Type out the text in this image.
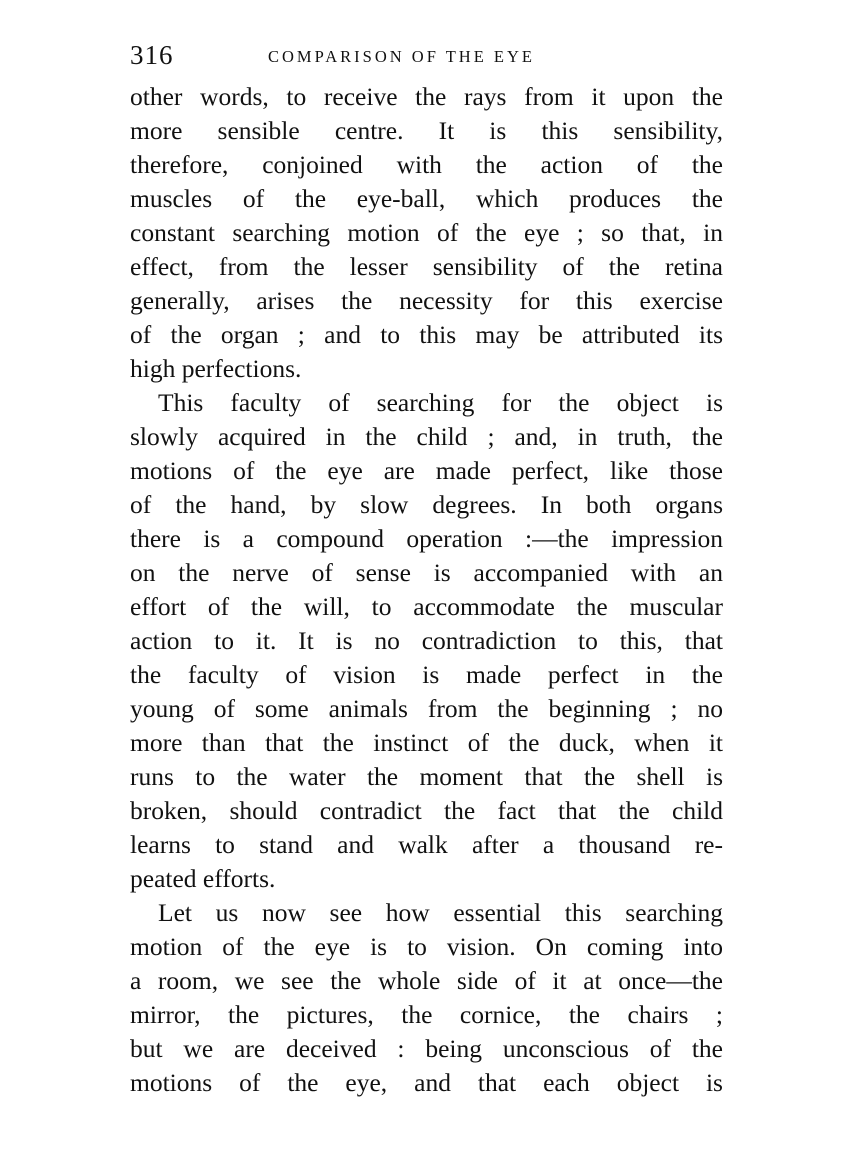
316	COMPARISON OF THE EYE
other words, to receive the rays from it upon the
more sensible centre. It is this sensibility,
therefore, conjoined with the action of the
muscles of the eye-ball, which produces the
constant searching motion of the eye ; so that, in
effect, from the lesser sensibility of the retina
generally, arises the necessity for this exercise
of the organ ; and to this may be attributed its
high perfections.
This faculty of searching for the object is
slowly acquired in the child ; and, in truth, the
motions of the eye are made perfect, like those
of the hand, by slow degrees. In both organs
there is a compound operation :—the impression
on the nerve of sense is accompanied with an
effort of the will, to accommodate the muscular
action to it. It is no contradiction to this, that
the faculty of vision is made perfect in the
young of some animals from the beginning ; no
more than that the instinct of the duck, when it
runs to the water the moment that the shell is
broken, should contradict the fact that the child
learns to stand and walk after a thousand re-
peated efforts.
Let us now see how essential this searching
motion of the eye is to vision. On coming into
a room, we see the whole side of it at once—the
mirror, the pictures, the cornice, the chairs ;
but we are deceived : being unconscious of the
motions of the eye, and that each object is
